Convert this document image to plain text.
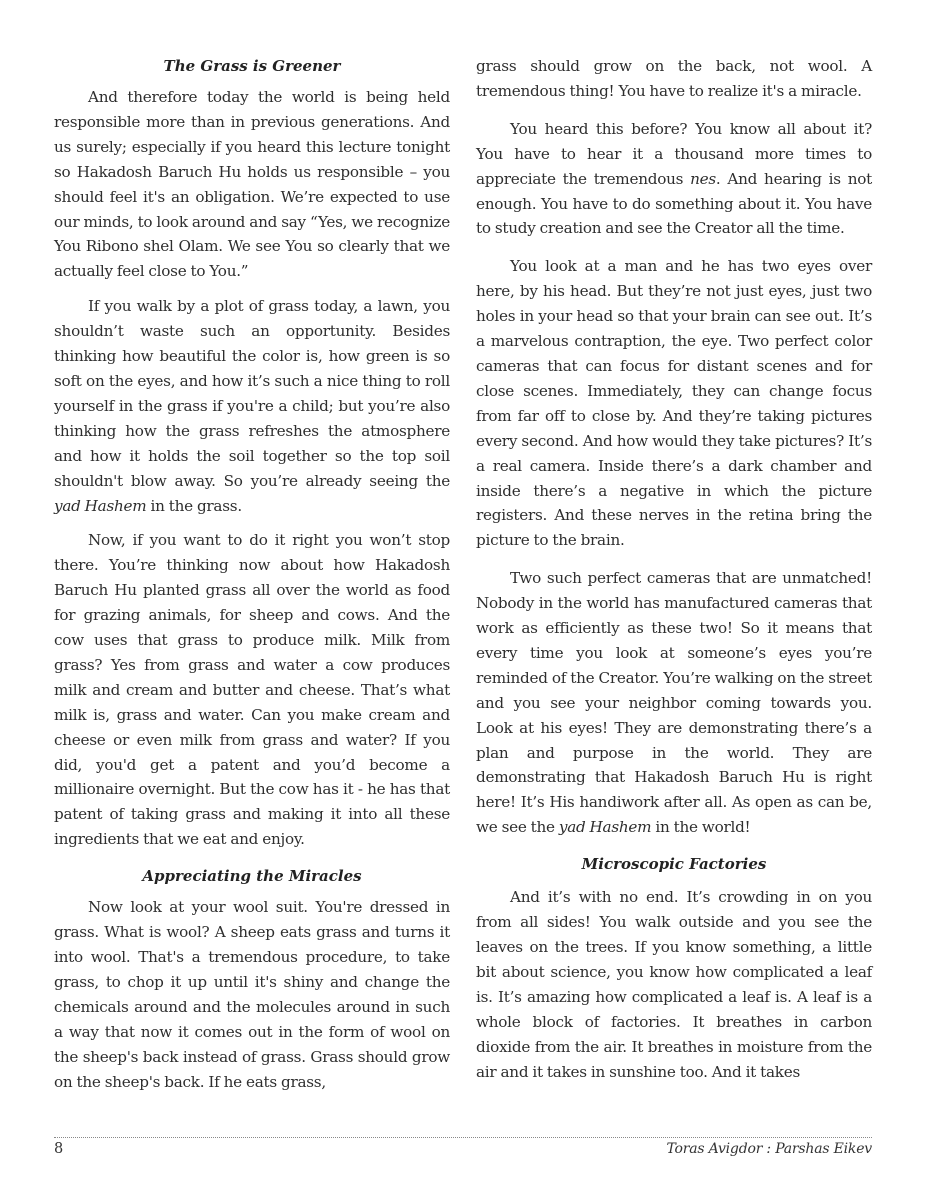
The Grass is Greener

And therefore today the world is being held responsible more than in previous generations. And us surely; especially if you heard this lecture tonight so Hakadosh Baruch Hu holds us responsible – you should feel it's an obligation. We’re expected to use our minds, to look around and say “Yes, we recognize You Ribono shel Olam. We see You so clearly that we actually feel close to You.”

If you walk by a plot of grass today, a lawn, you shouldn’t waste such an opportunity. Besides thinking how beautiful the color is, how green is so soft on the eyes, and how it’s such a nice thing to roll yourself in the grass if you're a child; but you’re also thinking how the grass refreshes the atmosphere and how it holds the soil together so the top soil shouldn't blow away. So you’re already seeing the yad Hashem in the grass.

Now, if you want to do it right you won’t stop there. You’re thinking now about how Hakadosh Baruch Hu planted grass all over the world as food for grazing animals, for sheep and cows. And the cow uses that grass to produce milk. Milk from grass? Yes from grass and water a cow produces milk and cream and butter and cheese. That’s what milk is, grass and water. Can you make cream and cheese or even milk from grass and water? If you did, you'd get a patent and you’d become a millionaire overnight. But the cow has it - he has that patent of taking grass and making it into all these ingredients that we eat and enjoy.

Appreciating the Miracles

Now look at your wool suit. You're dressed in grass. What is wool? A sheep eats grass and turns it into wool. That's a tremendous procedure, to take grass, to chop it up until it's shiny and change the chemicals around and the molecules around in such a way that now it comes out in the form of wool on the sheep's back instead of grass. Grass should grow on the sheep's back. If he eats grass,

grass should grow on the back, not wool. A tremendous thing! You have to realize it's a miracle.

You heard this before? You know all about it? You have to hear it a thousand more times to appreciate the tremendous nes. And hearing is not enough. You have to do something about it. You have to study creation and see the Creator all the time.

You look at a man and he has two eyes over here, by his head. But they’re not just eyes, just two holes in your head so that your brain can see out. It’s a marvelous contraption, the eye. Two perfect color cameras that can focus for distant scenes and for close scenes. Immediately, they can change focus from far off to close by. And they’re taking pictures every second. And how would they take pictures? It’s a real camera. Inside there’s a dark chamber and inside there’s a negative in which the picture registers. And these nerves in the retina bring the picture to the brain.

Two such perfect cameras that are unmatched! Nobody in the world has manufactured cameras that work as efficiently as these two! So it means that every time you look at someone’s eyes you’re reminded of the Creator. You’re walking on the street and you see your neighbor coming towards you. Look at his eyes! They are demonstrating there’s a plan and purpose in the world. They are demonstrating that Hakadosh Baruch Hu is right here! It’s His handiwork after all. As open as can be, we see the yad Hashem in the world!

Microscopic Factories

And it’s with no end. It’s crowding in on you from all sides! You walk outside and you see the leaves on the trees. If you know something, a little bit about science, you know how complicated a leaf is. It’s amazing how complicated a leaf is. A leaf is a whole block of factories. It breathes in carbon dioxide from the air. It breathes in moisture from the air and it takes in sunshine too. And it takes

8	Toras Avigdor : Parshas Eikev
